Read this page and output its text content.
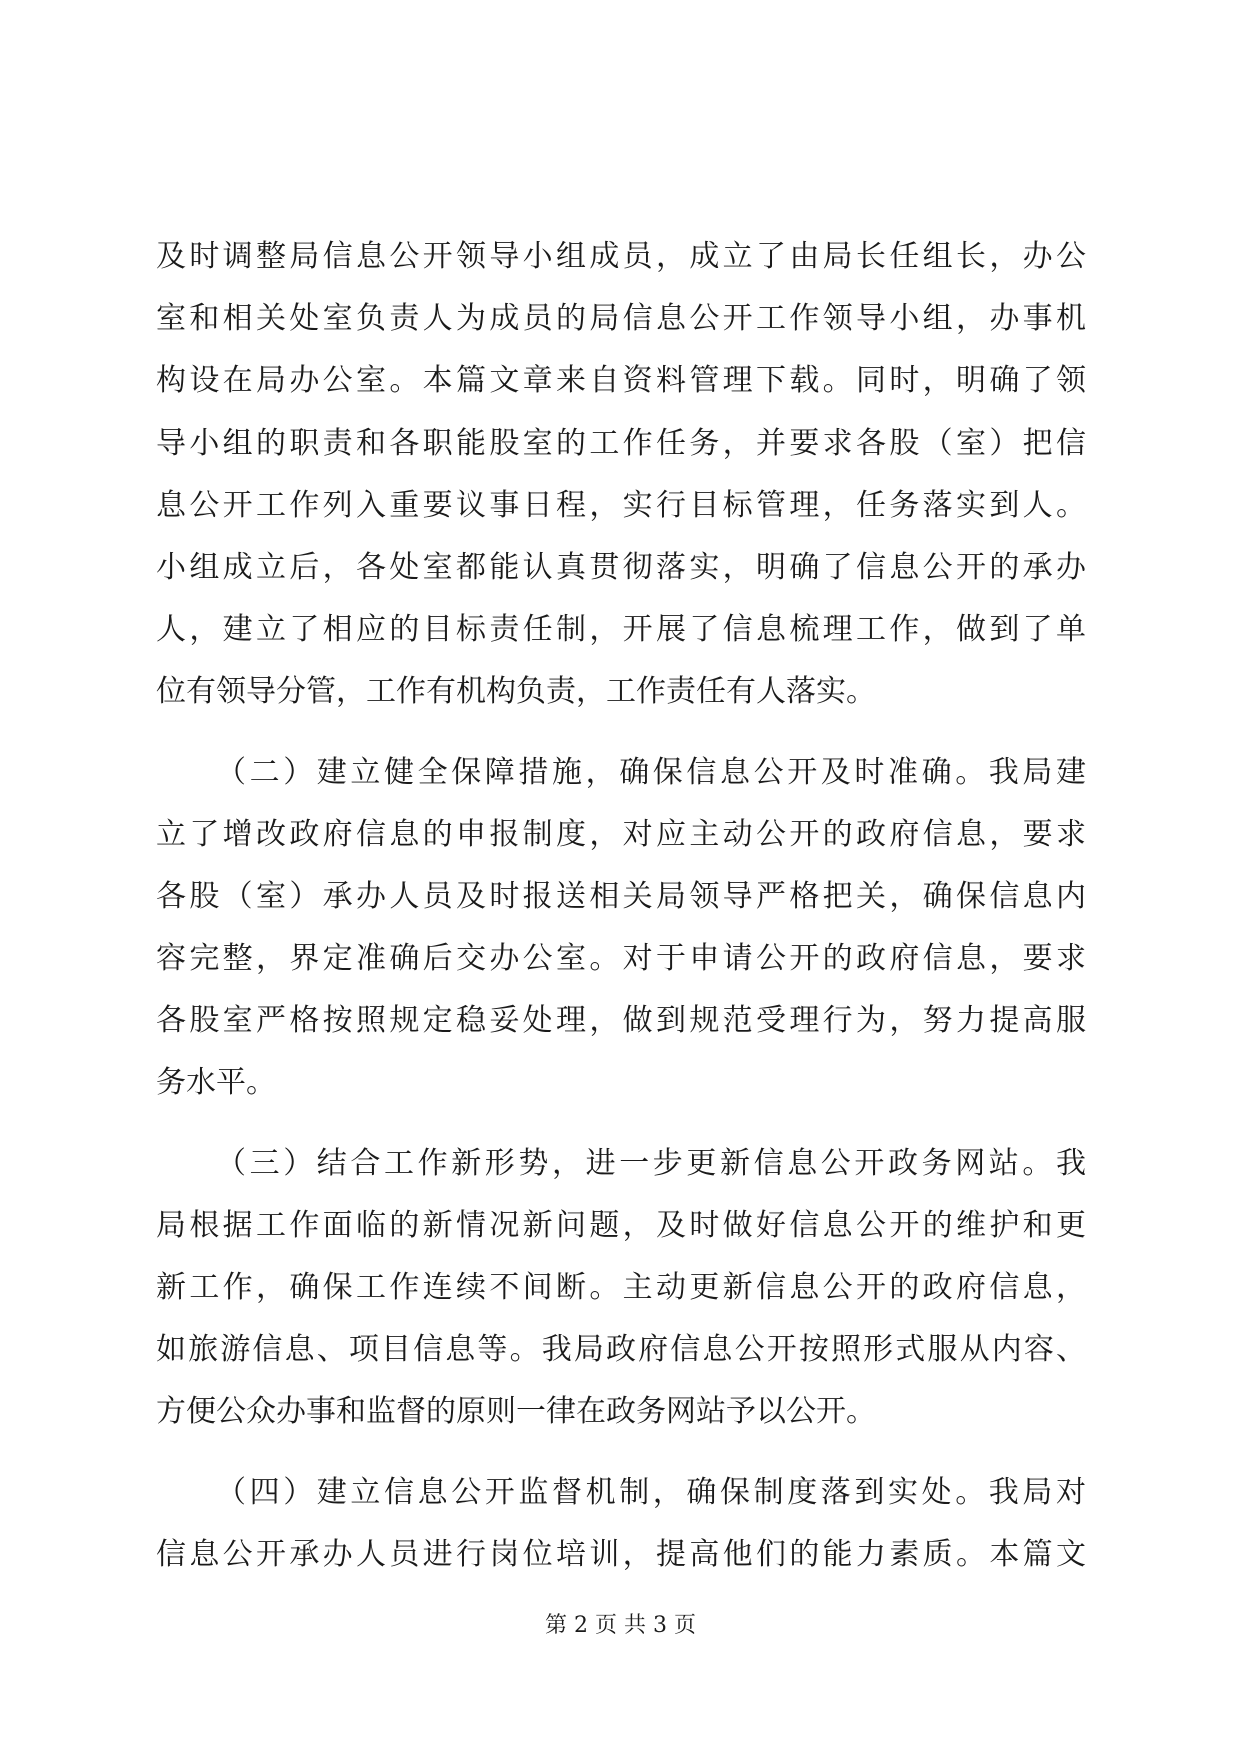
及时调整局信息公开领导小组成员，成立了由局长任组长，办公
室和相关处室负责人为成员的局信息公开工作领导小组，办事机
构设在局办公室。本篇文章来自资料管理下载。同时，明确了领
导小组的职责和各职能股室的工作任务，并要求各股（室）把信
息公开工作列入重要议事日程，实行目标管理，任务落实到人。
小组成立后，各处室都能认真贯彻落实，明确了信息公开的承办
人，建立了相应的目标责任制，开展了信息梳理工作，做到了单
位有领导分管，工作有机构负责，工作责任有人落实。
（二）建立健全保障措施，确保信息公开及时准确。我局建
立了增改政府信息的申报制度，对应主动公开的政府信息，要求
各股（室）承办人员及时报送相关局领导严格把关，确保信息内
容完整，界定准确后交办公室。对于申请公开的政府信息，要求
各股室严格按照规定稳妥处理，做到规范受理行为，努力提高服
务水平。
（三）结合工作新形势，进一步更新信息公开政务网站。我
局根据工作面临的新情况新问题，及时做好信息公开的维护和更
新工作，确保工作连续不间断。主动更新信息公开的政府信息，
如旅游信息、项目信息等。我局政府信息公开按照形式服从内容、
方便公众办事和监督的原则一律在政务网站予以公开。
（四）建立信息公开监督机制，确保制度落到实处。我局对
信息公开承办人员进行岗位培训，提高他们的能力素质。本篇文
第 2 页 共 3 页
